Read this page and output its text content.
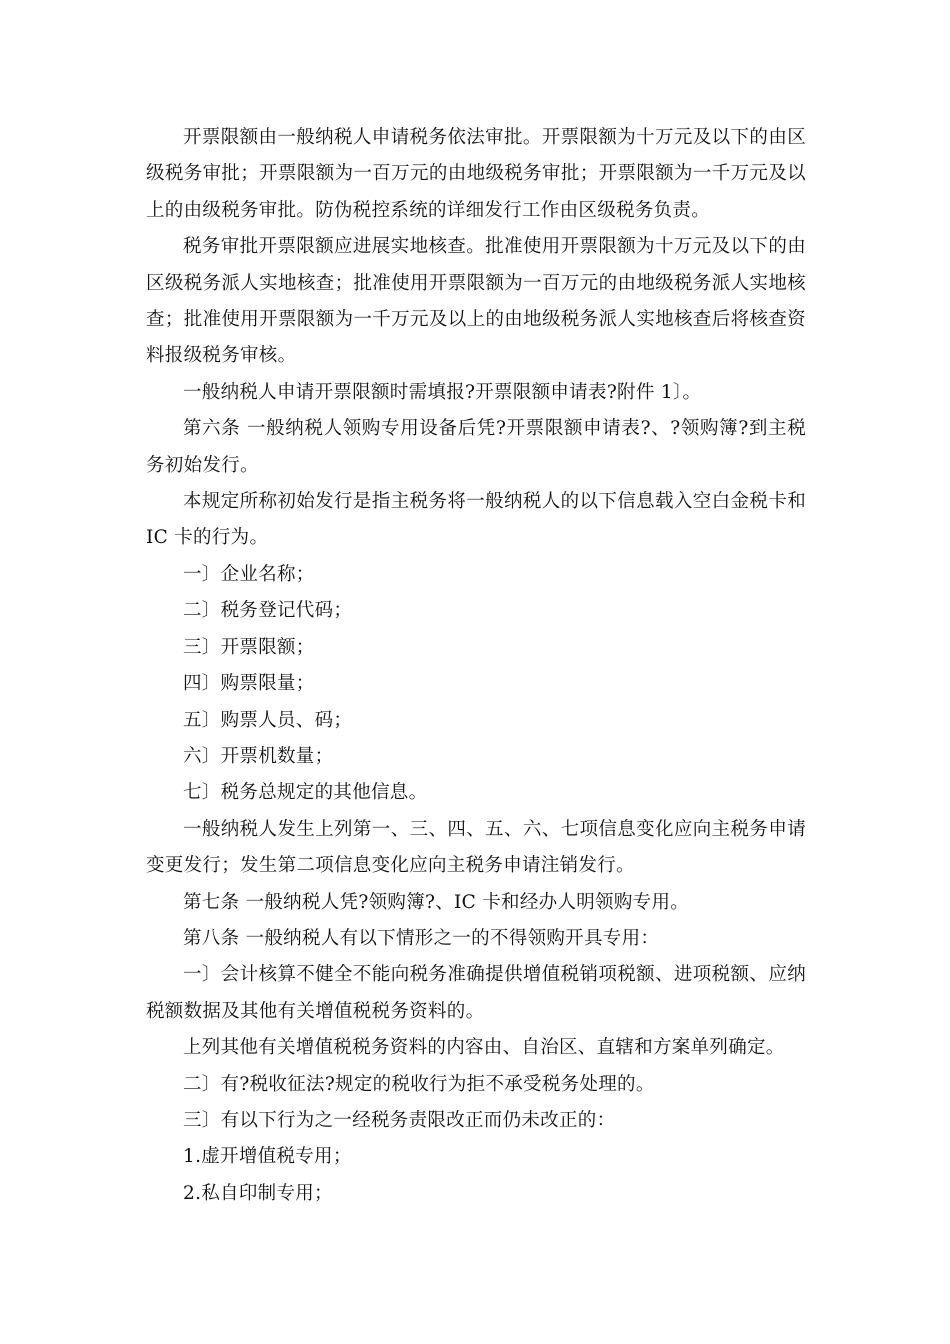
开票限额由一般纳税人申请税务依法审批。开票限额为十万元及以下的由区级税务审批；开票限额为一百万元的由地级税务审批；开票限额为一千万元及以上的由级税务审批。防伪税控系统的详细发行工作由区级税务负责。

税务审批开票限额应进展实地核查。批准使用开票限额为十万元及以下的由区级税务派人实地核查；批准使用开票限额为一百万元的由地级税务派人实地核查；批准使用开票限额为一千万元及以上的由地级税务派人实地核查后将核查资料报级税务审核。

一般纳税人申请开票限额时需填报?开票限额申请表?附件 1〕。

第六条 一般纳税人领购专用设备后凭?开票限额申请表?、?领购簿?到主税务初始发行。

本规定所称初始发行是指主税务将一般纳税人的以下信息载入空白金税卡和 IC 卡的行为。

一〕企业名称；

二〕税务登记代码；

三〕开票限额；

四〕购票限量；

五〕购票人员、码；

六〕开票机数量；

七〕税务总规定的其他信息。

一般纳税人发生上列第一、三、四、五、六、七项信息变化应向主税务申请变更发行；发生第二项信息变化应向主税务申请注销发行。

第七条 一般纳税人凭?领购簿?、IC 卡和经办人明领购专用。

第八条 一般纳税人有以下情形之一的不得领购开具专用：

一〕会计核算不健全不能向税务准确提供增值税销项税额、进项税额、应纳税额数据及其他有关增值税税务资料的。

上列其他有关增值税税务资料的内容由、自治区、直辖和方案单列确定。

二〕有?税收征法?规定的税收行为拒不承受税务处理的。

三〕有以下行为之一经税务责限改正而仍未改正的：

1.虚开增值税专用；

2.私自印制专用；
